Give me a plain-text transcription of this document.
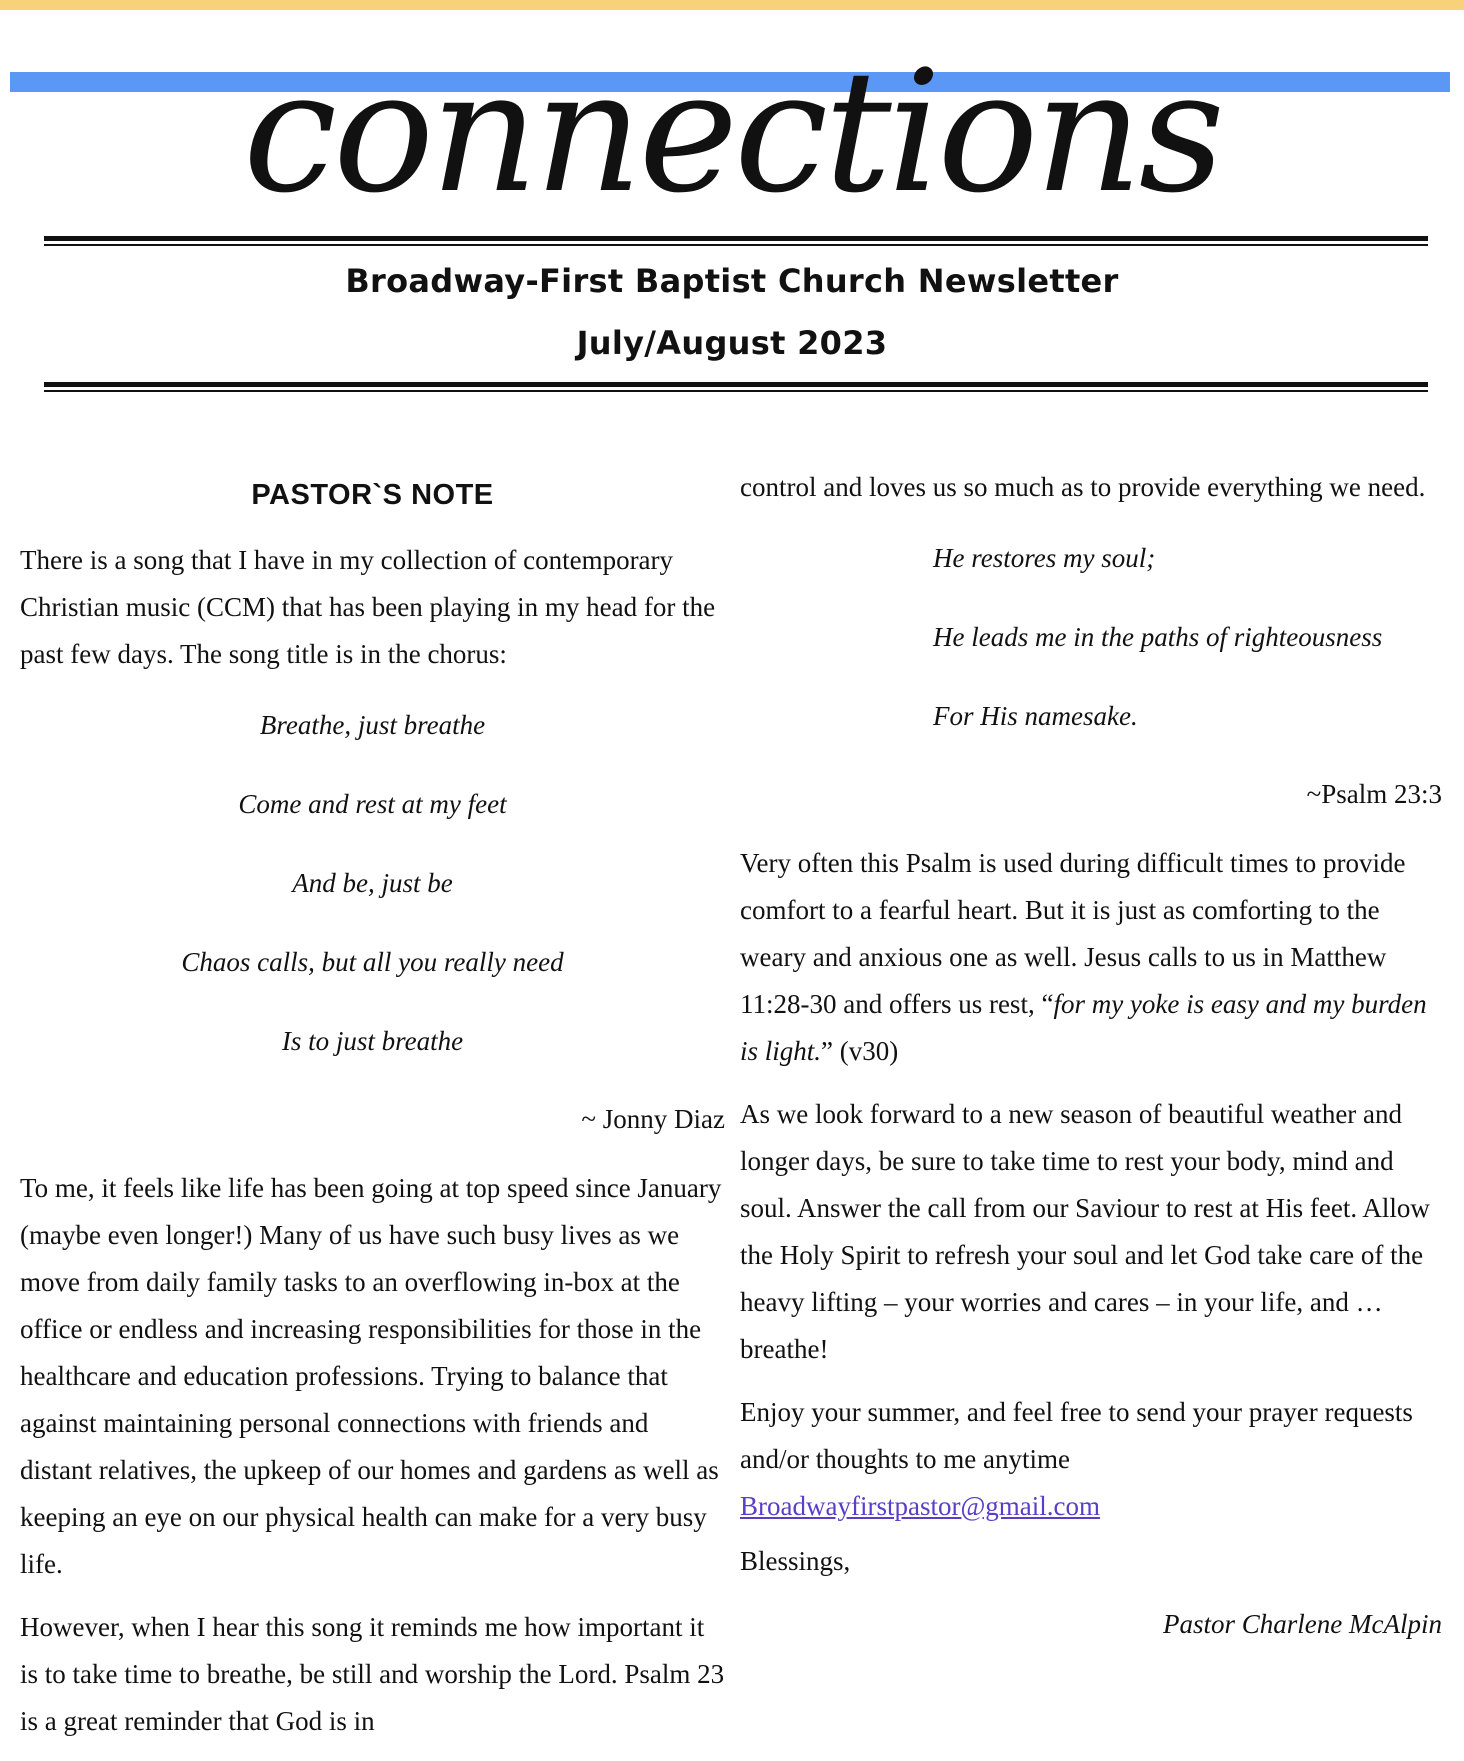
connections
Broadway-First Baptist Church Newsletter
July/August 2023
PASTOR`S NOTE

There is a song that I have in my collection of contemporary Christian music (CCM) that has been playing in my head for the past few days. The song title is in the chorus:

Breathe, just breathe

Come and rest at my feet

And be, just be

Chaos calls, but all you really need

Is to just breathe

~ Jonny Diaz

To me, it feels like life has been going at top speed since January (maybe even longer!) Many of us have such busy lives as we move from daily family tasks to an overflowing in-box at the office or endless and increasing responsibilities for those in the healthcare and education professions. Trying to balance that against maintaining personal connections with friends and distant relatives, the upkeep of our homes and gardens as well as keeping an eye on our physical health can make for a very busy life.

However, when I hear this song it reminds me how important it is to take time to breathe, be still and worship the Lord. Psalm 23 is a great reminder that God is in

control and loves us so much as to provide everything we need.

He restores my soul;

He leads me in the paths of righteousness

For His namesake.

~Psalm 23:3

Very often this Psalm is used during difficult times to provide comfort to a fearful heart. But it is just as comforting to the weary and anxious one as well. Jesus calls to us in Matthew 11:28-30 and offers us rest, “for my yoke is easy and my burden is light.” (v30)

As we look forward to a new season of beautiful weather and longer days, be sure to take time to rest your body, mind and soul. Answer the call from our Saviour to rest at His feet. Allow the Holy Spirit to refresh your soul and let God take care of the heavy lifting – your worries and cares – in your life, and … breathe!

Enjoy your summer, and feel free to send your prayer requests and/or thoughts to me anytime
Broadwayfirstpastor@gmail.com

Blessings,

Pastor Charlene McAlpin
